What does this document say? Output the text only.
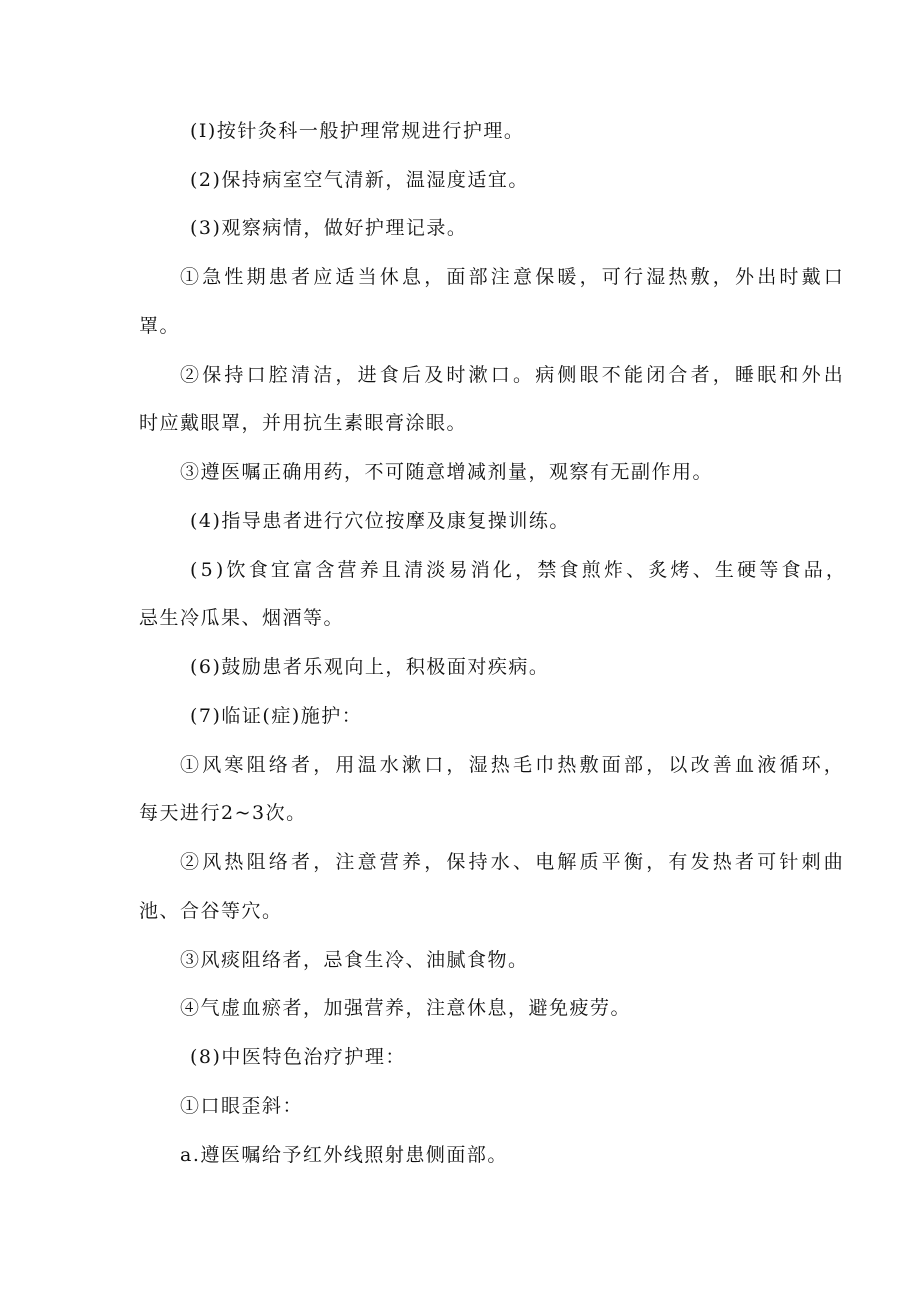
(I)按针灸科一般护理常规进行护理。
(2)保持病室空气清新，温湿度适宜。
(3)观察病情，做好护理记录。
①急性期患者应适当休息，面部注意保暖，可行湿热敷，外出时戴口
罩。
②保持口腔清洁，进食后及时漱口。病侧眼不能闭合者，睡眠和外出
时应戴眼罩，并用抗生素眼膏涂眼。
③遵医嘱正确用药，不可随意增减剂量，观察有无副作用。
(4)指导患者进行穴位按摩及康复操训练。
(5)饮食宜富含营养且清淡易消化，禁食煎炸、炙烤、生硬等食品，
忌生冷瓜果、烟酒等。
(6)鼓励患者乐观向上，积极面对疾病。
(7)临证(症)施护：
①风寒阻络者，用温水漱口，湿热毛巾热敷面部，以改善血液循环，
每天进行2~3次。
②风热阻络者，注意营养，保持水、电解质平衡，有发热者可针刺曲
池、合谷等穴。
③风痰阻络者，忌食生冷、油腻食物。
④气虚血瘀者，加强营养，注意休息，避免疲劳。
(8)中医特色治疗护理：
①口眼歪斜：
a.遵医嘱给予红外线照射患侧面部。
